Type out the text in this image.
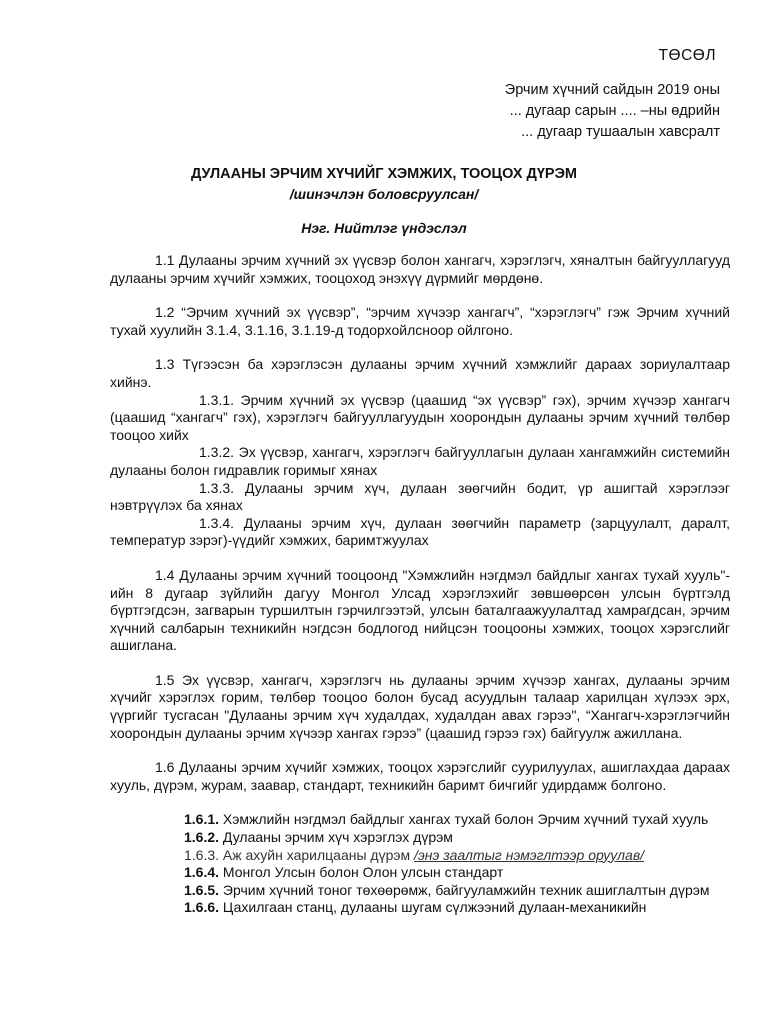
ТӨСӨЛ
Эрчим хүчний сайдын 2019 оны
... дугаар сарын .... –ны өдрийн
... дугаар тушаалын хавсралт
ДУЛААНЫ ЭРЧИМ ХҮЧИЙГ ХЭМЖИХ, ТООЦОХ ДҮРЭМ
/шинэчлэн боловсруулсан/
Нэг. Нийтлэг үндэслэл

1.1 Дулааны эрчим хүчний эх үүсвэр болон хангагч, хэрэглэгч, хяналтын байгууллагууд дулааны эрчим хүчийг хэмжих, тооцоход энэхүү дүрмийг мөрдөнө.

1.2 “Эрчим хүчний эх үүсвэр”, “эрчим хүчээр хангагч”, “хэрэглэгч” гэж Эрчим хүчний тухай хуулийн 3.1.4, 3.1.16, 3.1.19-д тодорхойлсноор ойлгоно.

1.3 Түгээсэн ба хэрэглэсэн дулааны эрчим хүчний хэмжлийг дараах зориулалтаар хийнэ.

1.3.1. Эрчим хүчний эх үүсвэр (цаашид “эх үүсвэр” гэх), эрчим хүчээр хангагч (цаашид “хангагч” гэх), хэрэглэгч байгууллагуудын хоорондын дулааны эрчим хүчний төлбөр тооцоо хийх

1.3.2. Эх үүсвэр, хангагч, хэрэглэгч байгууллагын дулаан хангамжийн системийн дулааны болон гидравлик горимыг хянах

1.3.3. Дулааны эрчим хүч, дулаан зөөгчийн бодит, үр ашигтай хэрэглээг нэвтрүүлэх ба хянах

1.3.4. Дулааны эрчим хүч, дулаан зөөгчийн параметр (зарцуулалт, даралт, температур зэрэг)-үүдийг хэмжих, баримтжуулах

1.4 Дулааны эрчим хүчний тооцоонд "Хэмжлийн нэгдмэл байдлыг хангах тухай хууль"- ийн 8 дугаар зүйлийн дагуу Монгол Улсад хэрэглэхийг зөвшөөрсөн улсын бүртгэлд бүртгэгдсэн, загварын туршилтын гэрчилгээтэй, улсын баталгаажуулалтад хамрагдсан, эрчим хүчний салбарын техникийн нэгдсэн бодлогод нийцсэн тооцооны хэмжих, тооцох хэрэгслийг ашиглана.

1.5 Эх үүсвэр, хангагч, хэрэглэгч нь дулааны эрчим хүчээр хангах, дулааны эрчим хүчийг хэрэглэх горим, төлбөр тооцоо болон бусад асуудлын талаар харилцан хүлээх эрх, үүргийг тусгасан "Дулааны эрчим хүч худалдах, худалдан авах гэрээ", “Хангагч-хэрэглэгчийн хоорондын дулааны эрчим хүчээр хангах гэрээ” (цаашид гэрээ гэх) байгуулж ажиллана.

1.6 Дулааны эрчим хүчийг хэмжих, тооцох хэрэгслийг суурилуулах, ашиглахдаа дараах хууль, дүрэм, журам, заавар, стандарт, техникийн баримт бичгийг удирдамж болгоно.

1.6.1. Хэмжлийн нэгдмэл байдлыг хангах тухай болон Эрчим хүчний тухай хууль

1.6.2. Дулааны эрчим хүч хэрэглэх дүрэм

1.6.3. Аж ахуйн харилцааны дүрэм /энэ заалтыг нэмэглтээр оруулав/

1.6.4. Монгол Улсын болон Олон улсын стандарт

1.6.5. Эрчим хүчний тоног төхөөрөмж, байгууламжийн техник ашиглалтын дүрэм

1.6.6. Цахилгаан станц, дулааны шугам сүлжээний дулаан-механикийн
